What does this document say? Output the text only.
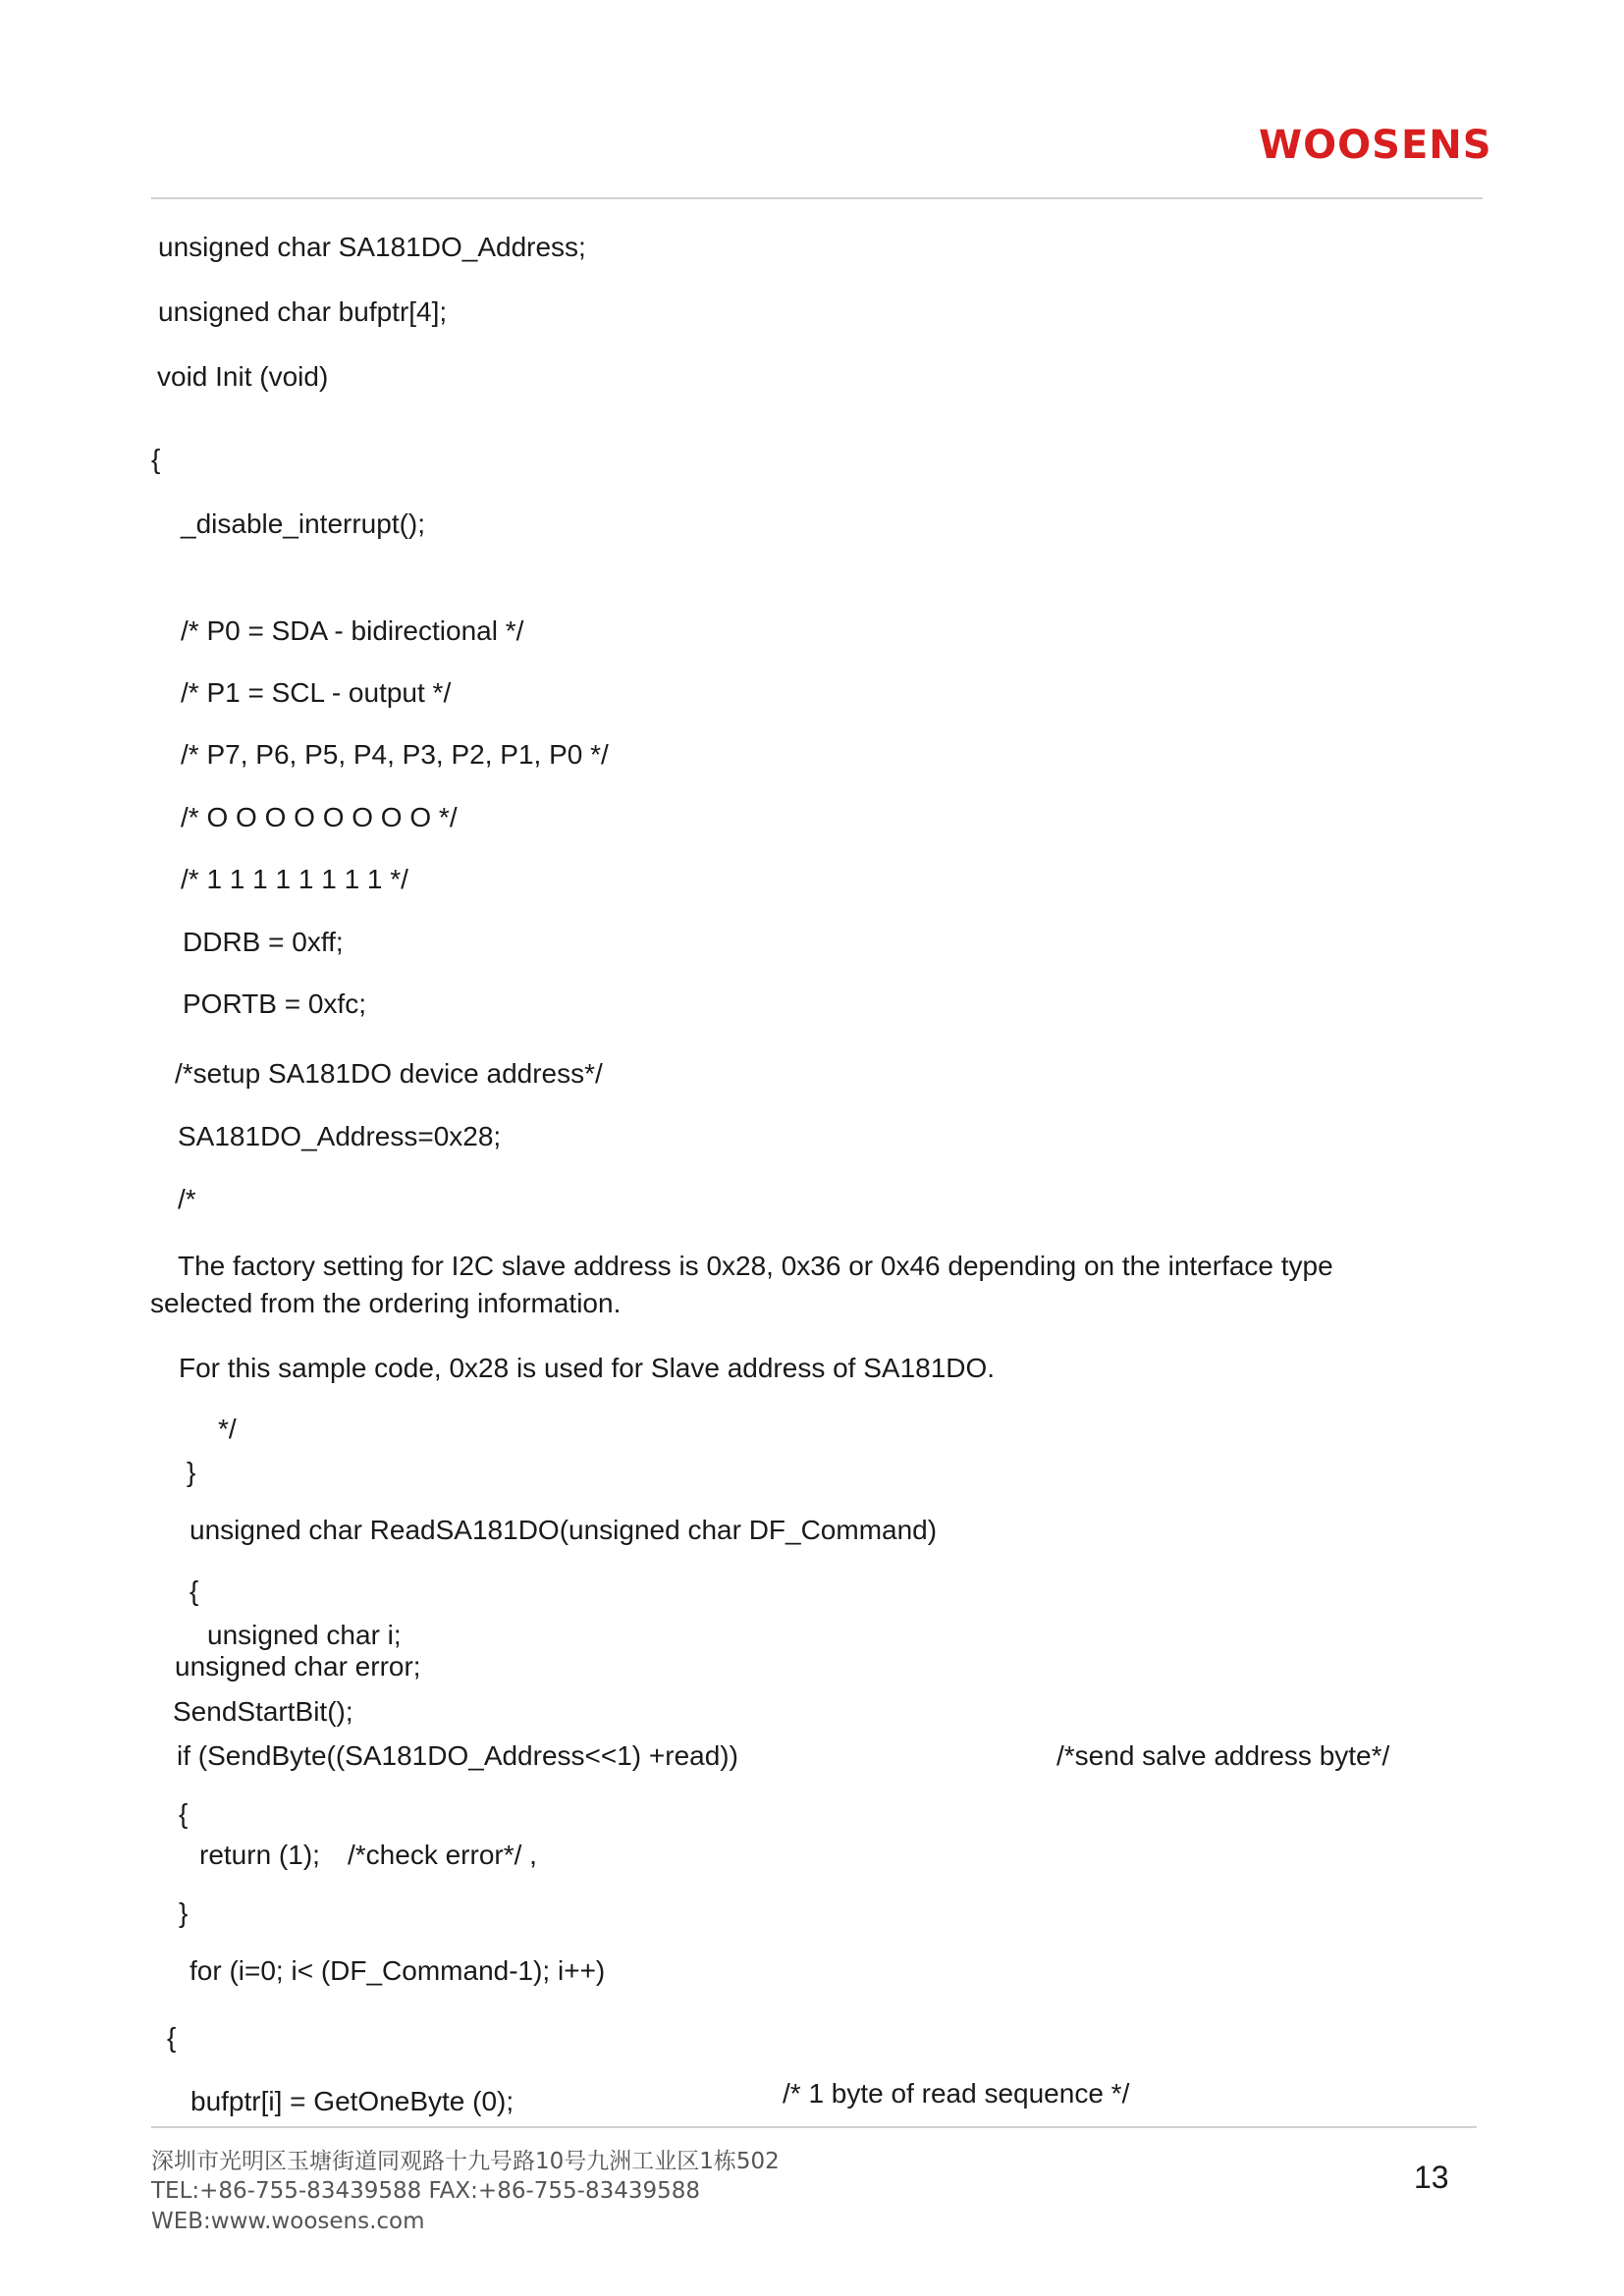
WOOSENS
unsigned char SA181DO_Address;
unsigned char bufptr[4];
void Init (void)
{
_disable_interrupt();
/* P0 = SDA - bidirectional */
/* P1 = SCL - output */
/* P7, P6, P5, P4, P3, P2, P1, P0 */
/* O O O O O O O O */
/* 1 1 1 1 1 1 1 1 */
DDRB = 0xff;
PORTB = 0xfc;
/*setup SA181DO device address*/
SA181DO_Address=0x28;
/*
The factory setting for I2C slave address is 0x28, 0x36 or 0x46 depending on the interface type
selected from the ordering information.
For this sample code, 0x28 is used for Slave address of SA181DO.
*/
}
unsigned char ReadSA181DO(unsigned char DF_Command)
{
unsigned char i;
unsigned char error;
SendStartBit();
if (SendByte((SA181DO_Address<<1) +read))	/*send salve address byte*/
{
return (1); /*check error*/ ,
}
for (i=0; i< (DF_Command-1); i++)
{
bufptr[i] = GetOneByte (0);	/* 1 byte of read sequence */
深圳市光明区玉塘街道同观路十九号路10号九洲工业区1栋502
TEL:+86-755-83439588 FAX:+86-755-83439588
WEB:www.woosens.com
13
